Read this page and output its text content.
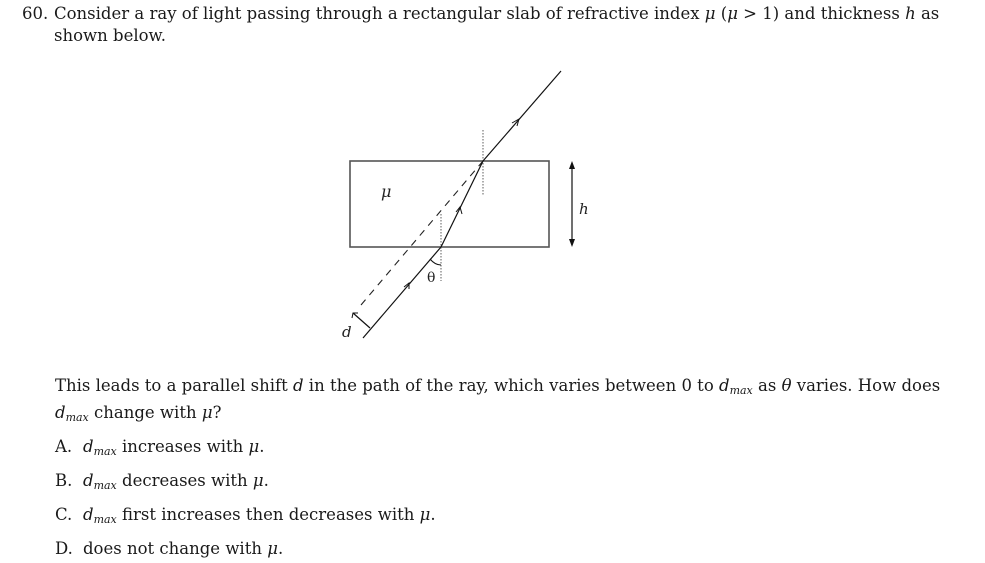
60. Consider a ray of light passing through a rectangular slab of refractive index μ (μ > 1) and thickness h as
shown below.
μ
h
θ
d
This leads to a parallel shift d in the path of the ray, which varies between 0 to $d_{max}$ as θ varies. How does
$d_{max}$ change with μ?
A. $d_{max}$ increases with μ.
B. $d_{max}$ decreases with μ.
C. $d_{max}$ first increases then decreases with μ.
D. does not change with μ.
